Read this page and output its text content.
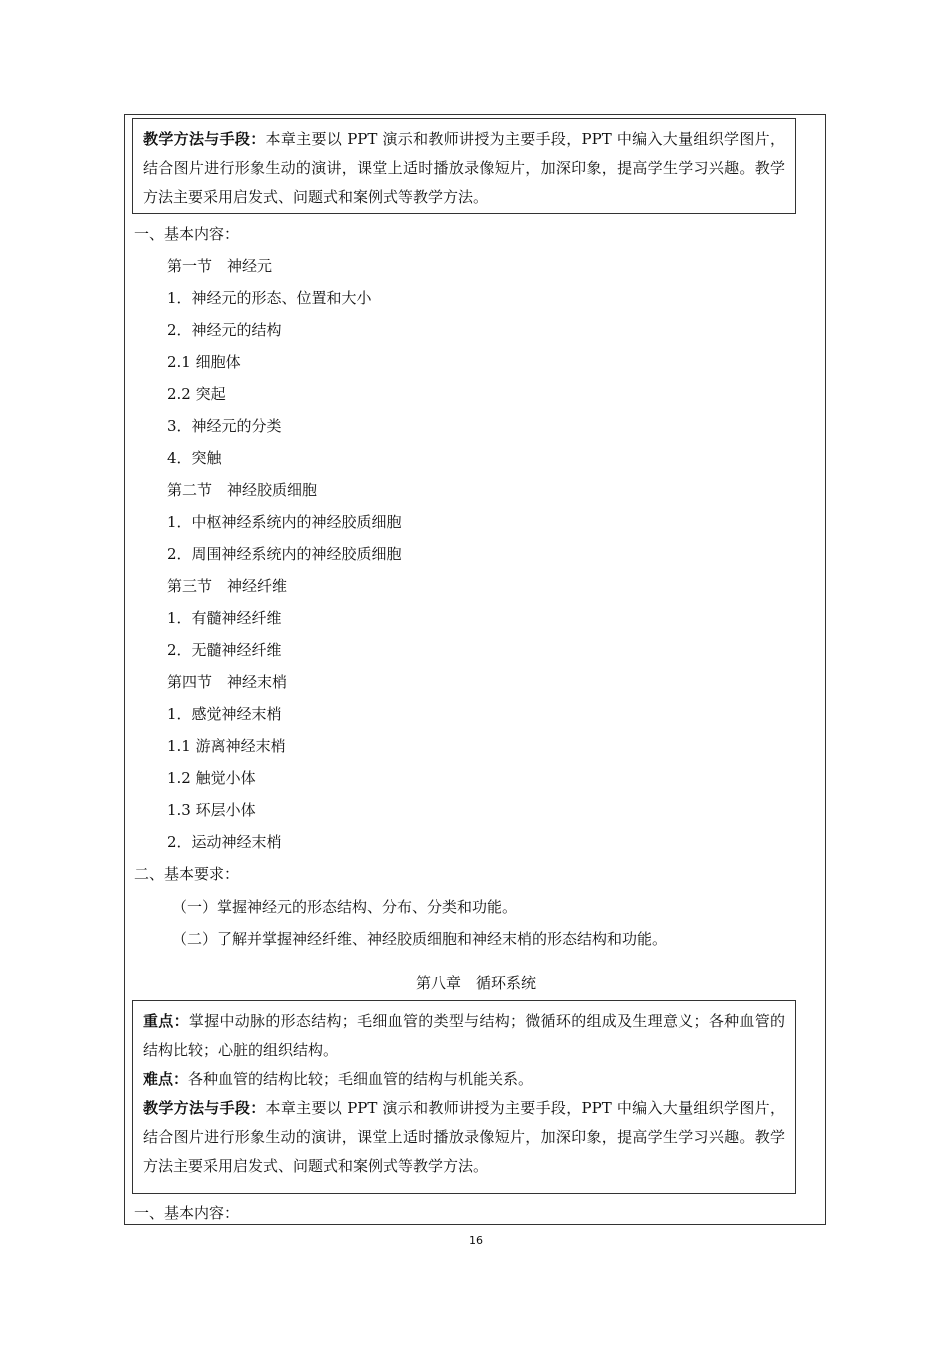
教学方法与手段：本章主要以 PPT 演示和教师讲授为主要手段，PPT 中编入大量组织学图片，结合图片进行形象生动的演讲，课堂上适时播放录像短片，加深印象，提高学生学习兴趣。教学方法主要采用启发式、问题式和案例式等教学方法。

一、基本内容：
第一节　神经元
1．神经元的形态、位置和大小
2．神经元的结构
2.1 细胞体
2.2 突起
3．神经元的分类
4．突触
第二节　神经胶质细胞
1．中枢神经系统内的神经胶质细胞
2．周围神经系统内的神经胶质细胞
第三节　神经纤维
1．有髓神经纤维
2．无髓神经纤维
第四节　神经末梢
1．感觉神经末梢
1.1 游离神经末梢
1.2 触觉小体
1.3 环层小体
2．运动神经末梢
二、基本要求：
（一）掌握神经元的形态结构、分布、分类和功能。
（二）了解并掌握神经纤维、神经胶质细胞和神经末梢的形态结构和功能。
第八章　循环系统

重点：掌握中动脉的形态结构；毛细血管的类型与结构；微循环的组成及生理意义；各种血管的结构比较；心脏的组织结构。

难点：各种血管的结构比较；毛细血管的结构与机能关系。

教学方法与手段：本章主要以 PPT 演示和教师讲授为主要手段，PPT 中编入大量组织学图片，结合图片进行形象生动的演讲，课堂上适时播放录像短片，加深印象，提高学生学习兴趣。教学方法主要采用启发式、问题式和案例式等教学方法。

一、基本内容：
16
